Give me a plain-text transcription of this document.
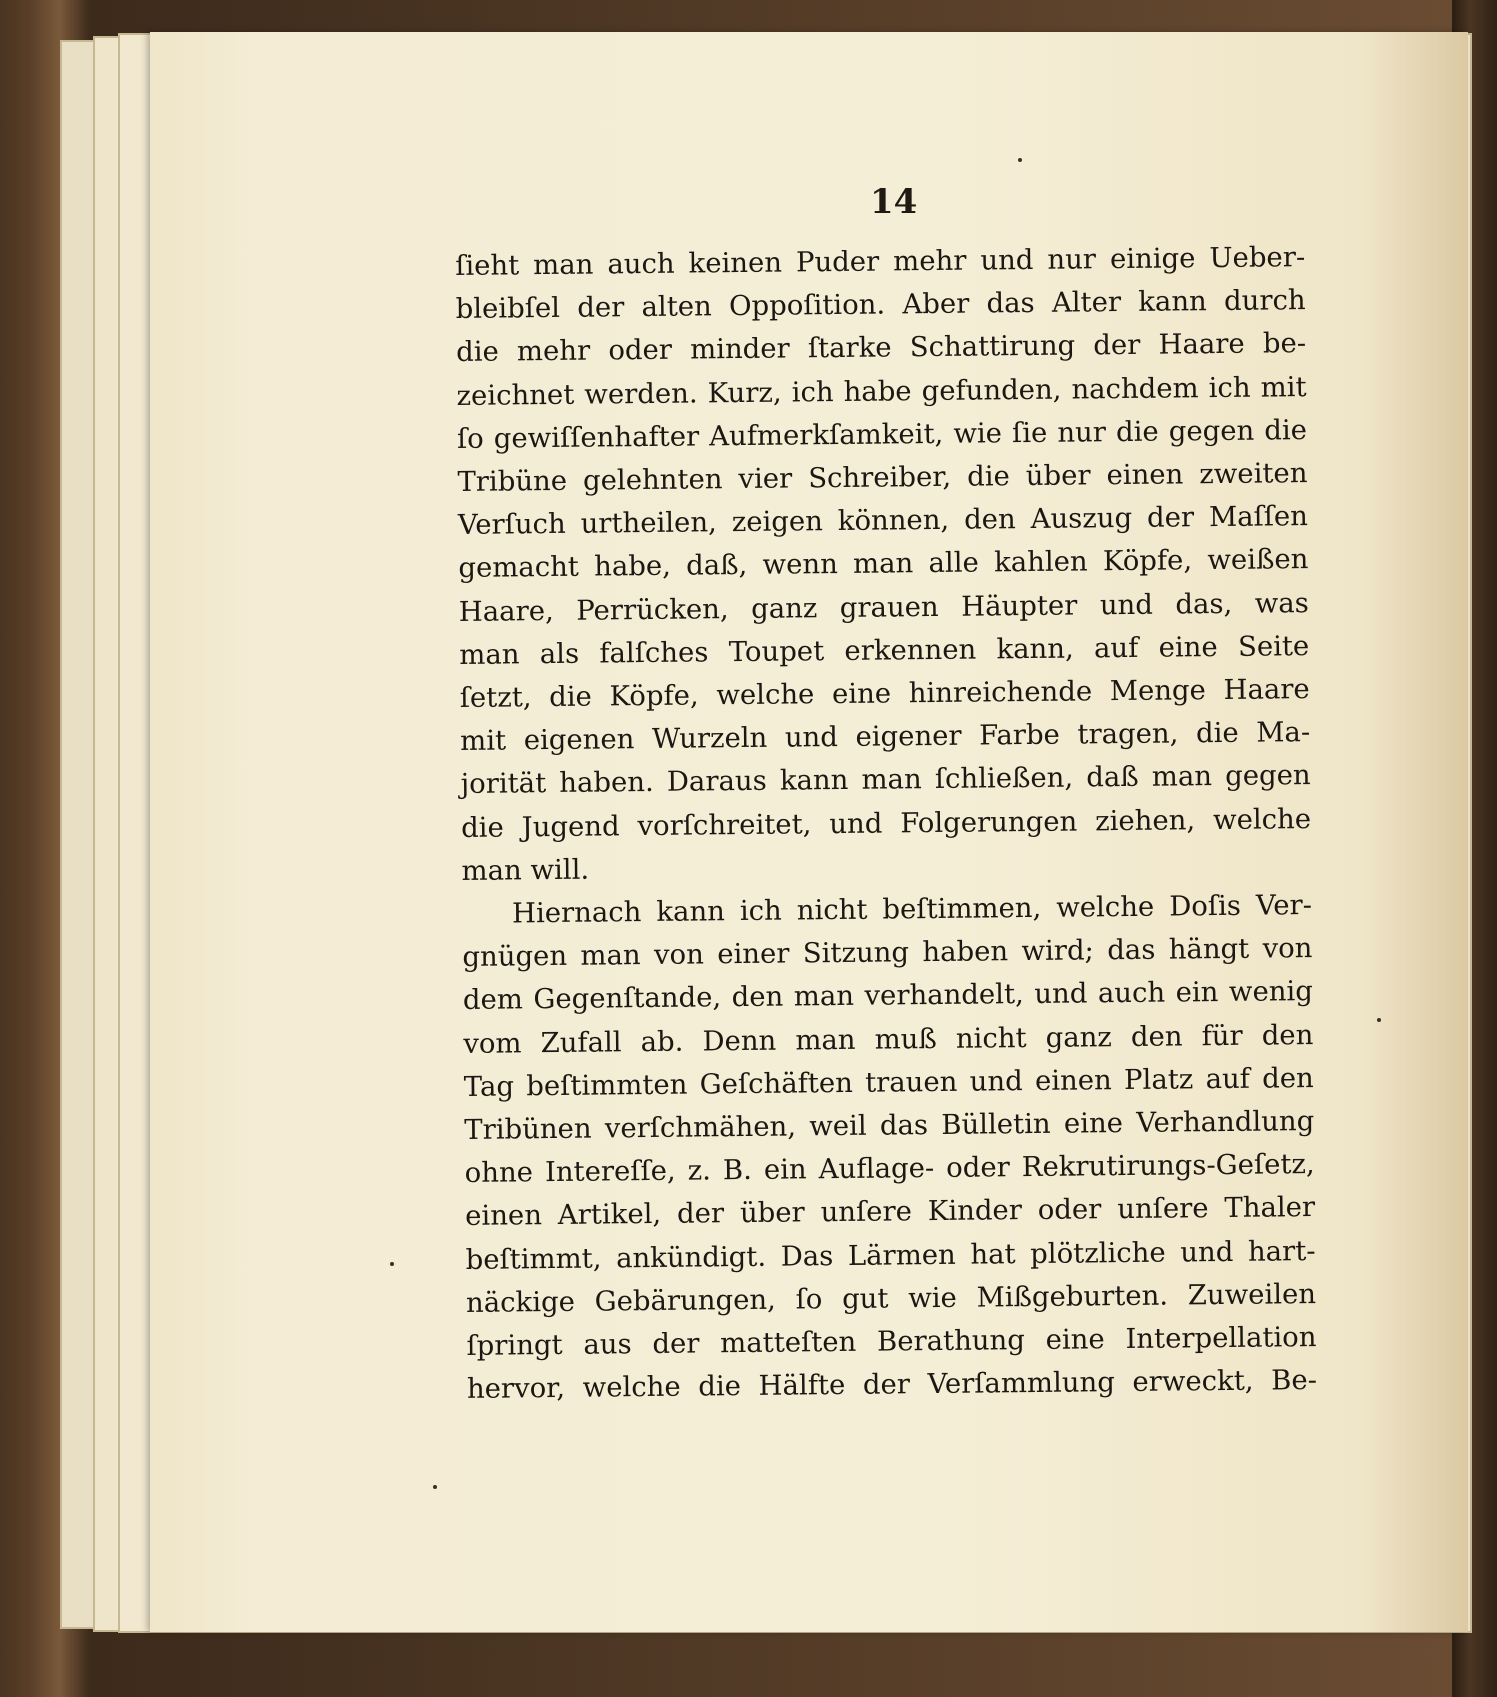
14
ſieht man auch keinen Puder mehr und nur einige Ueber-
bleibſel der alten Oppoſition. Aber das Alter kann durch
die mehr oder minder ſtarke Schattirung der Haare be-
zeichnet werden. Kurz, ich habe gefunden, nachdem ich mit
ſo gewiſſenhafter Aufmerkſamkeit, wie ſie nur die gegen die
Tribüne gelehnten vier Schreiber, die über einen zweiten
Verſuch urtheilen, zeigen können, den Auszug der Maſſen
gemacht habe, daß, wenn man alle kahlen Köpfe, weißen
Haare, Perrücken, ganz grauen Häupter und das, was
man als falſches Toupet erkennen kann, auf eine Seite
ſetzt, die Köpfe, welche eine hinreichende Menge Haare
mit eigenen Wurzeln und eigener Farbe tragen, die Ma-
jorität haben. Daraus kann man ſchließen, daß man gegen
die Jugend vorſchreitet, und Folgerungen ziehen, welche
man will.
Hiernach kann ich nicht beſtimmen, welche Doſis Ver-
gnügen man von einer Sitzung haben wird; das hängt von
dem Gegenſtande, den man verhandelt, und auch ein wenig
vom Zufall ab. Denn man muß nicht ganz den für den
Tag beſtimmten Geſchäften trauen und einen Platz auf den
Tribünen verſchmähen, weil das Bülletin eine Verhandlung
ohne Intereſſe, z. B. ein Auflage- oder Rekrutirungs-Geſetz,
einen Artikel, der über unſere Kinder oder unſere Thaler
beſtimmt, ankündigt. Das Lärmen hat plötzliche und hart-
näckige Gebärungen, ſo gut wie Mißgeburten. Zuweilen
ſpringt aus der matteſten Berathung eine Interpellation
hervor, welche die Hälfte der Verſammlung erweckt, Be-
